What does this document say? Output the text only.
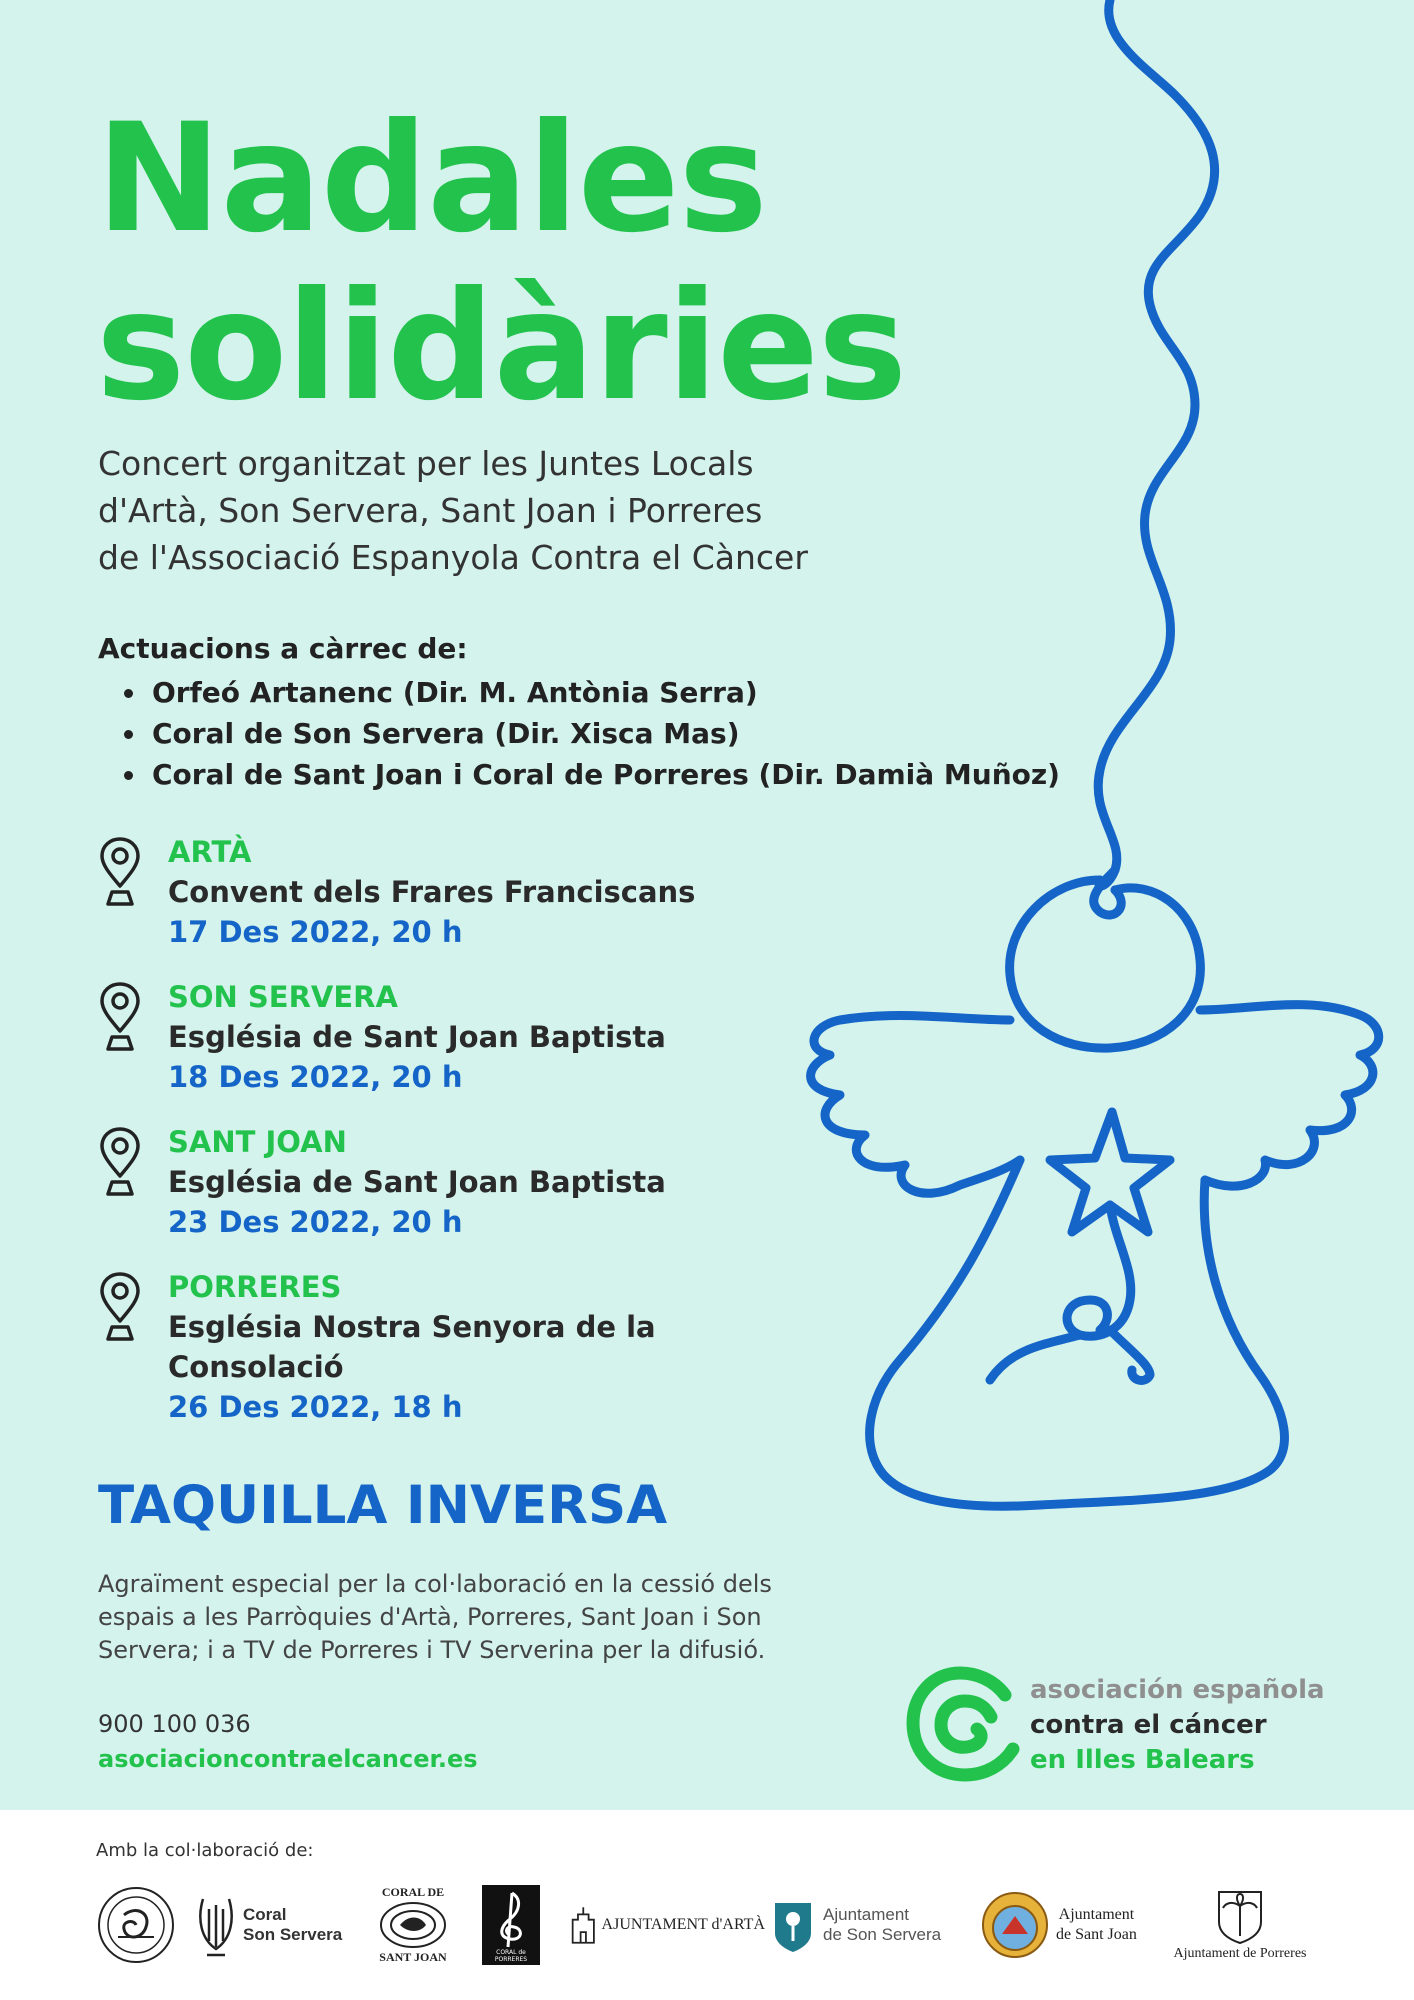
Nadales
solidàries
Concert organitzat per les Juntes Locals
d'Artà, Son Servera, Sant Joan i Porreres
de l'Associació Espanyola Contra el Càncer
Actuacions a càrrec de:
Orfeó Artanenc (Dir. M. Antònia Serra)
Coral de Son Servera (Dir. Xisca Mas)
Coral de Sant Joan i Coral de Porreres (Dir. Damià Muñoz)
ARTÀ
Convent dels Frares Franciscans
17 Des 2022, 20 h
SON SERVERA
Església de Sant Joan Baptista
18 Des 2022, 20 h
SANT JOAN
Església de Sant Joan Baptista
23 Des 2022, 20 h
PORRERES
Església Nostra Senyora de la Consolació
26 Des 2022, 18 h
TAQUILLA INVERSA
Agraïment especial per la col·laboració en la cessió dels espais a les Parròquies d'Artà, Porreres, Sant Joan i Son Servera; i a TV de Porreres i TV Serverina per la difusió.
900 100 036
asociacioncontraelcancer.es
asociación española
contra el cáncer
en Illes Balears
Amb la col·laboració de:
Coral
Son Servera
CORAL DE
SANT JOAN	CORAL de PORRERES
AJUNTAMENT d'ARTÀ
Ajuntament
de Son Servera
Ajuntament
de Sant Joan
Ajuntament de Porreres
